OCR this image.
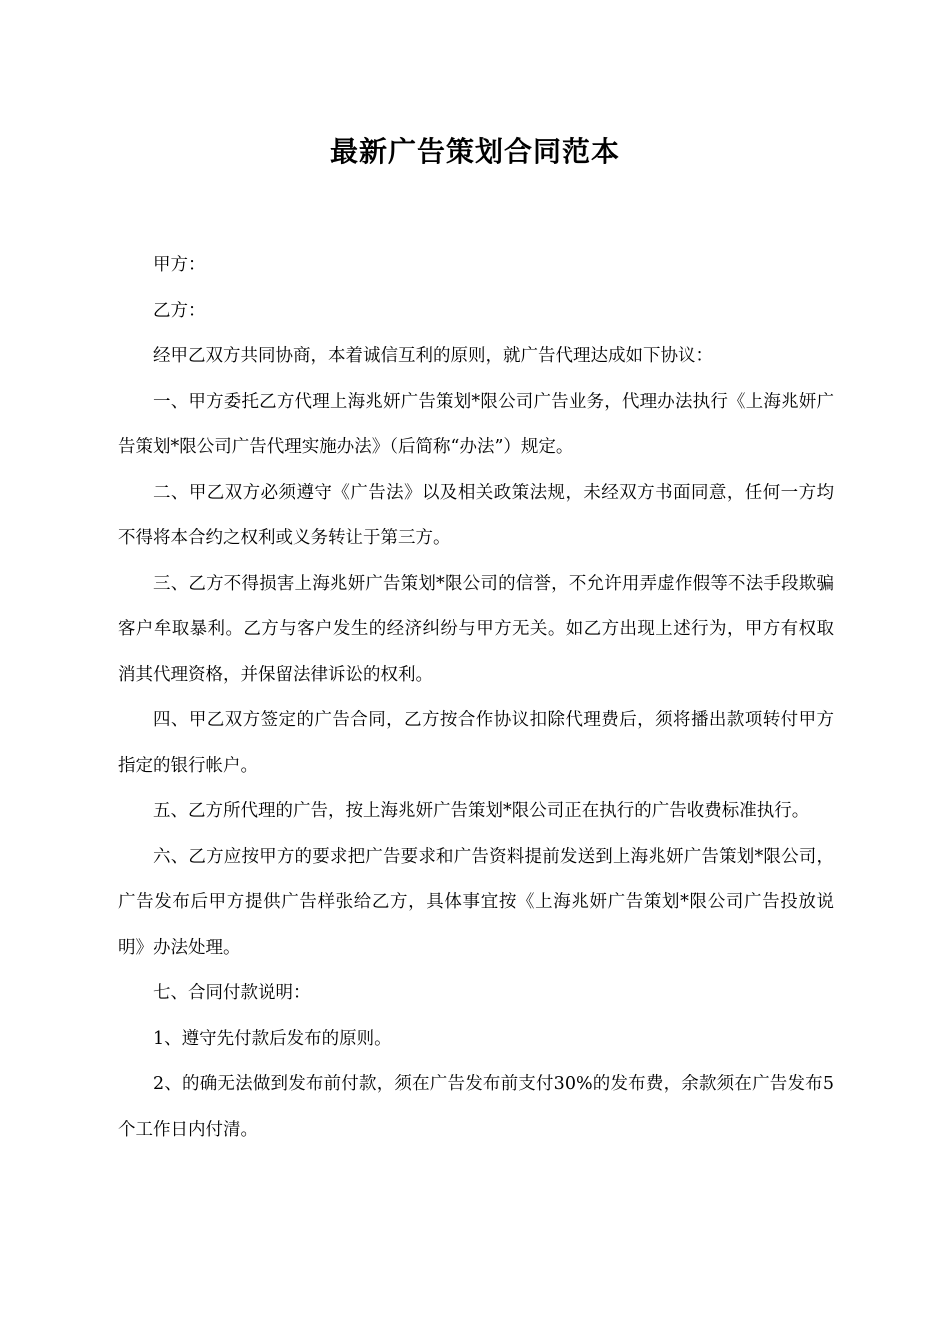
最新广告策划合同范本

甲方：

乙方：

经甲乙双方共同协商，本着诚信互利的原则，就广告代理达成如下协议：

一、甲方委托乙方代理上海兆妍广告策划*限公司广告业务，代理办法执行《上海兆妍广告策划*限公司广告代理实施办法》（后简称“办法”）规定。

二、甲乙双方必须遵守《广告法》以及相关政策法规，未经双方书面同意，任何一方均不得将本合约之权利或义务转让于第三方。

三、乙方不得损害上海兆妍广告策划*限公司的信誉，不允许用弄虚作假等不法手段欺骗客户牟取暴利。乙方与客户发生的经济纠纷与甲方无关。如乙方出现上述行为，甲方有权取消其代理资格，并保留法律诉讼的权利。

四、甲乙双方签定的广告合同，乙方按合作协议扣除代理费后，须将播出款项转付甲方指定的银行帐户。

五、乙方所代理的广告，按上海兆妍广告策划*限公司正在执行的广告收费标准执行。

六、乙方应按甲方的要求把广告要求和广告资料提前发送到上海兆妍广告策划*限公司，广告发布后甲方提供广告样张给乙方，具体事宜按《上海兆妍广告策划*限公司广告投放说明》办法处理。

七、合同付款说明：

1、遵守先付款后发布的原则。

2、的确无法做到发布前付款，须在广告发布前支付30%的发布费，余款须在广告发布5个工作日内付清。
